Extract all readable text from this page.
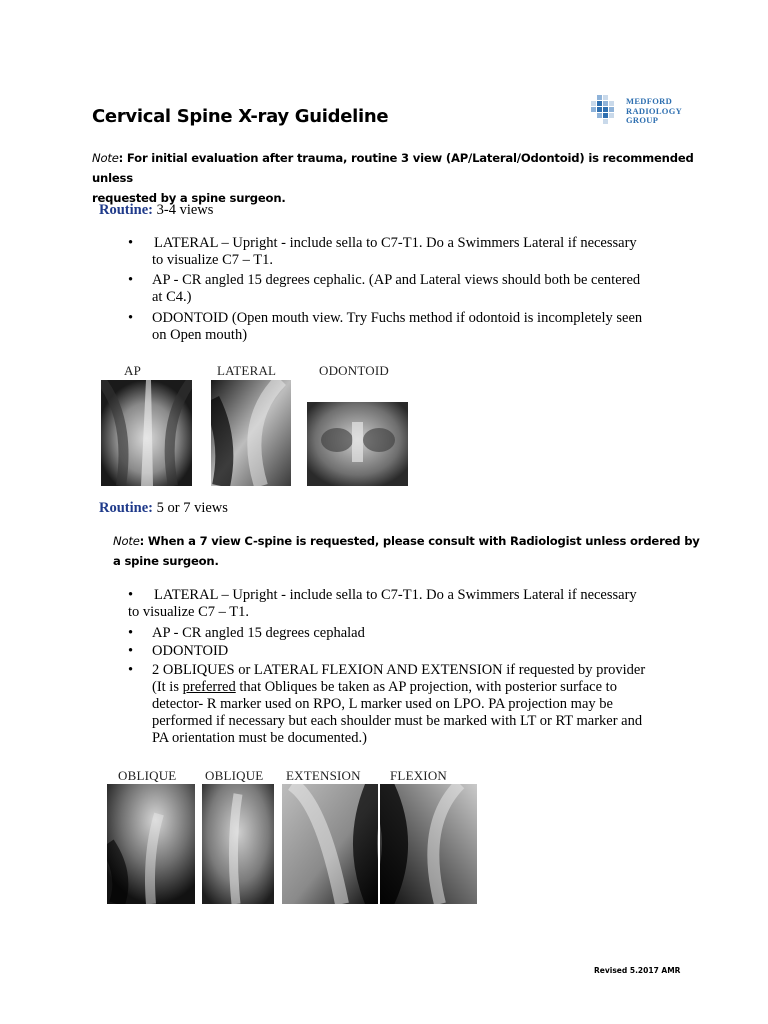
MEDFORD
RADIOLOGY
GROUP
Cervical Spine X-ray Guideline
Note: For initial evaluation after trauma, routine 3 view (AP/Lateral/Odontoid) is recommended unless
requested by a spine surgeon.
Routine: 3-4 views
•	LATERAL – Upright - include sella to C7-T1. Do a Swimmers Lateral if necessary
to visualize C7 – T1.
•	AP - CR angled 15 degrees cephalic. (AP and Lateral views should both be centered
at C4.)
•	ODONTOID (Open mouth view. Try Fuchs method if odontoid is incompletely seen
on Open mouth)
AP	LATERAL	ODONTOID
Routine: 5 or 7 views
Note: When a 7 view C-spine is requested, please consult with Radiologist unless ordered by
a spine surgeon.
•	LATERAL – Upright - include sella to C7-T1. Do a Swimmers Lateral if necessary
to visualize C7 – T1.
•	AP - CR angled 15 degrees cephalad
•	ODONTOID
•	2 OBLIQUES or LATERAL FLEXION AND EXTENSION if requested by provider
(It is preferred that Obliques be taken as AP projection, with posterior surface to
detector- R marker used on RPO, L marker used on LPO. PA projection may be
performed if necessary but each shoulder must be marked with LT or RT marker and
PA orientation must be documented.)
OBLIQUE OBLIQUE EXTENSION FLEXION
Revised 5.2017 AMR
